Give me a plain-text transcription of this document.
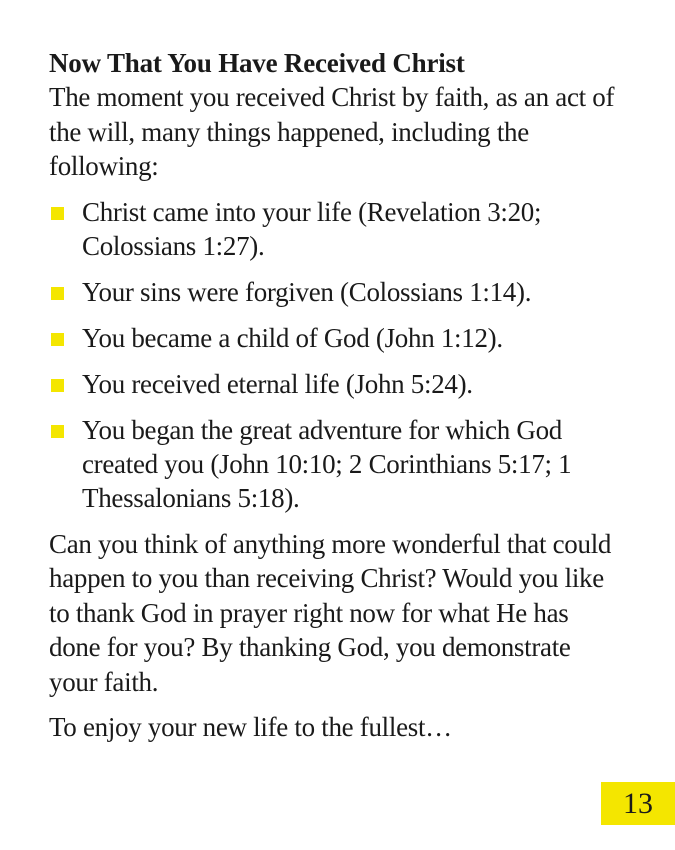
Now That You Have Received Christ

The moment you received Christ by faith, as an act of the will, many things happened, including the following:

Christ came into your life (Revelation 3:20; Colossians 1:27).
Your sins were forgiven (Colossians 1:14).
You became a child of God (John 1:12).
You received eternal life (John 5:24).
You began the great adventure for which God created you (John 10:10; 2 Corinthians 5:17; 1 Thessalonians 5:18).

Can you think of anything more wonderful that could happen to you than receiving Christ? Would you like to thank God in prayer right now for what He has done for you? By thanking God, you demonstrate your faith.

To enjoy your new life to the fullest…

13
